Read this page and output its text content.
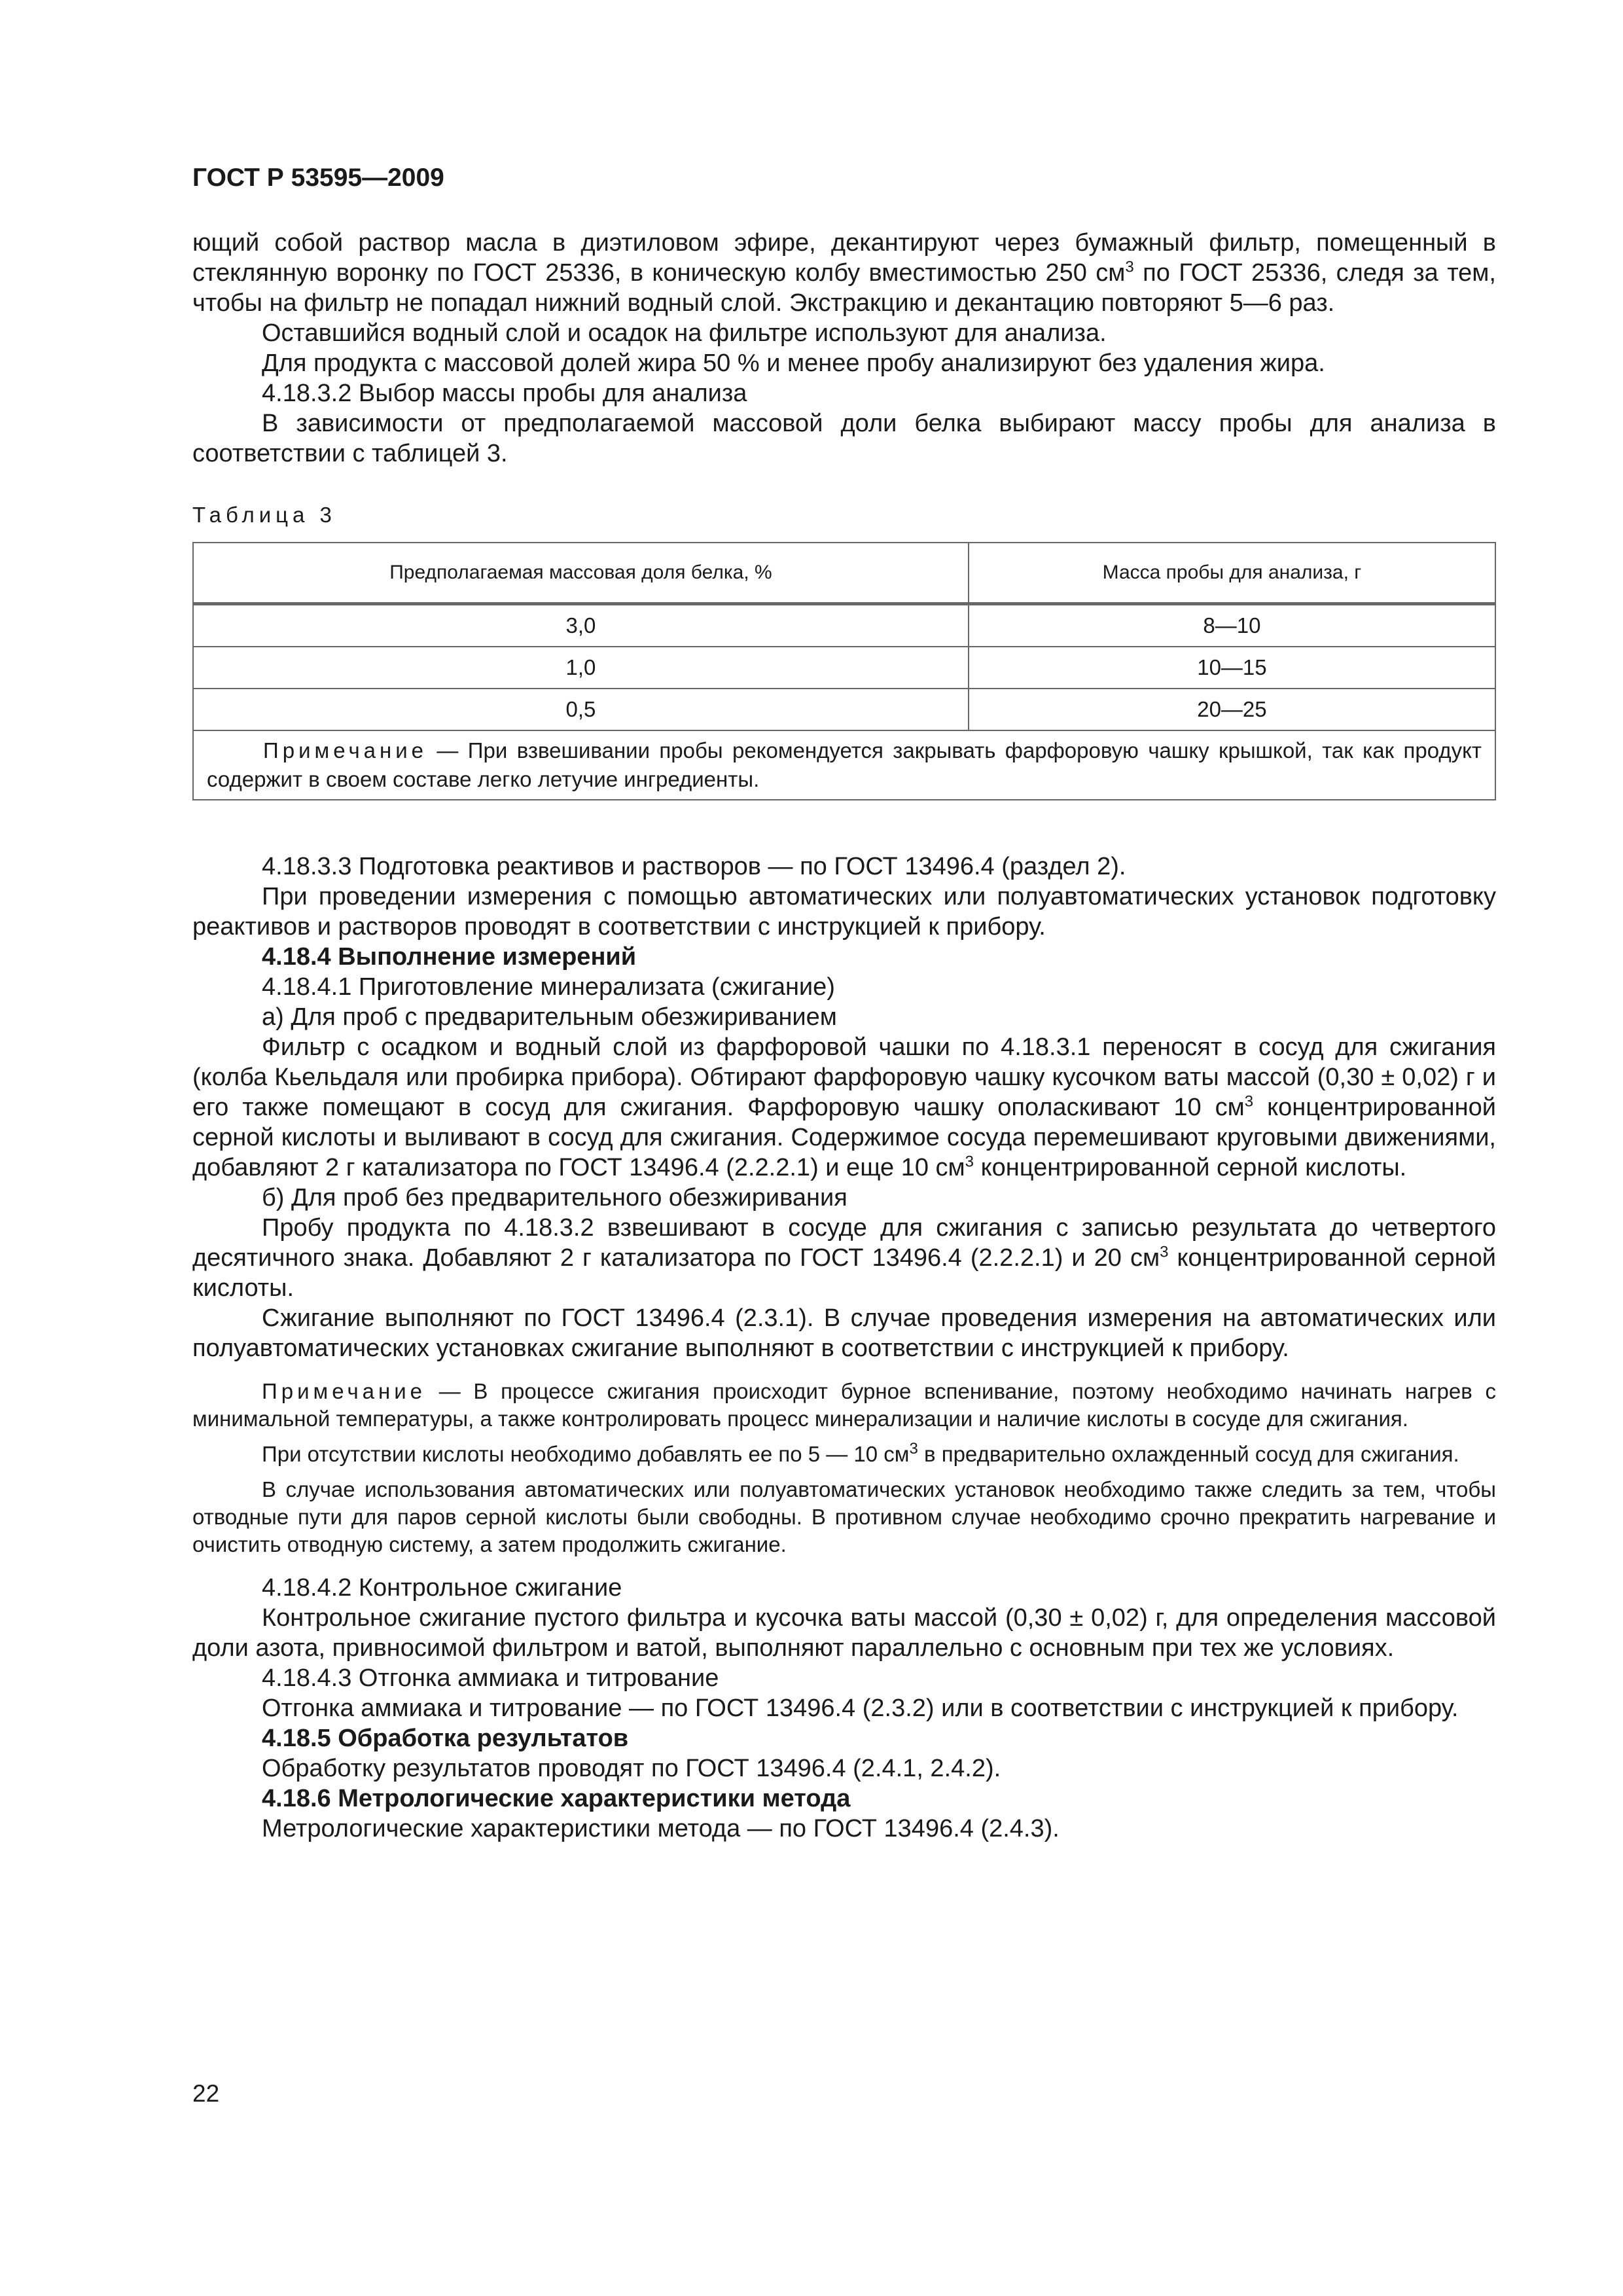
ГОСТ Р 53595—2009

ющий собой раствор масла в диэтиловом эфире, декантируют через бумажный фильтр, помещенный в стеклянную воронку по ГОСТ 25336, в коническую колбу вместимостью 250 $см^3$ по ГОСТ 25336, следя за тем, чтобы на фильтр не попадал нижний водный слой. Экстракцию и декантацию повторяют 5—6 раз.

Оставшийся водный слой и осадок на фильтре используют для анализа.

Для продукта с массовой долей жира 50 % и менее пробу анализируют без удаления жира.

4.18.3.2 Выбор массы пробы для анализа

В зависимости от предполагаемой массовой доли белка выбирают массу пробы для анализа в соответствии с таблицей 3.

Таблица 3
Предполагаемая массовая доля белка, %	Масса пробы для анализа, г
3,0	8—10
1,0	10—15
0,5	20—25
Примечание — При взвешивании пробы рекомендуется закрывать фарфоровую чашку крышкой, так как продукт содержит в своем составе легко летучие ингредиенты.	

4.18.3.3 Подготовка реактивов и растворов — по ГОСТ 13496.4 (раздел 2).

При проведении измерения с помощью автоматических или полуавтоматических установок подготовку реактивов и растворов проводят в соответствии с инструкцией к прибору.

4.18.4 Выполнение измерений

4.18.4.1 Приготовление минерализата (сжигание)

а) Для проб с предварительным обезжириванием

Фильтр с осадком и водный слой из фарфоровой чашки по 4.18.3.1 переносят в сосуд для сжигания (колба Кьельдаля или пробирка прибора). Обтирают фарфоровую чашку кусочком ваты массой (0,30 ± 0,02) г и его также помещают в сосуд для сжигания. Фарфоровую чашку ополаскивают 10 $см^3$ концентрированной серной кислоты и выливают в сосуд для сжигания. Содержимое сосуда перемешивают круговыми движениями, добавляют 2 г катализатора по ГОСТ 13496.4 (2.2.2.1) и еще 10 $см^3$ концентрированной серной кислоты.

б) Для проб без предварительного обезжиривания

Пробу продукта по 4.18.3.2 взвешивают в сосуде для сжигания с записью результата до четвертого десятичного знака. Добавляют 2 г катализатора по ГОСТ 13496.4 (2.2.2.1) и 20 $см^3$ концентрированной серной кислоты.

Сжигание выполняют по ГОСТ 13496.4 (2.3.1). В случае проведения измерения на автоматических или полуавтоматических установках сжигание выполняют в соответствии с инструкцией к прибору.

Примечание — В процессе сжигания происходит бурное вспенивание, поэтому необходимо начинать нагрев с минимальной температуры, а также контролировать процесс минерализации и наличие кислоты в сосуде для сжигания.

При отсутствии кислоты необходимо добавлять ее по 5 — 10 $см^3$ в предварительно охлажденный сосуд для сжигания.

В случае использования автоматических или полуавтоматических установок необходимо также следить за тем, чтобы отводные пути для паров серной кислоты были свободны. В противном случае необходимо срочно прекратить нагревание и очистить отводную систему, а затем продолжить сжигание.

4.18.4.2 Контрольное сжигание

Контрольное сжигание пустого фильтра и кусочка ваты массой (0,30 ± 0,02) г, для определения массовой доли азота, привносимой фильтром и ватой, выполняют параллельно с основным при тех же условиях.

4.18.4.3 Отгонка аммиака и титрование

Отгонка аммиака и титрование — по ГОСТ 13496.4 (2.3.2) или в соответствии с инструкцией к прибору.

4.18.5 Обработка результатов

Обработку результатов проводят по ГОСТ 13496.4 (2.4.1, 2.4.2).

4.18.6 Метрологические характеристики метода

Метрологические характеристики метода — по ГОСТ 13496.4 (2.4.3).

22
